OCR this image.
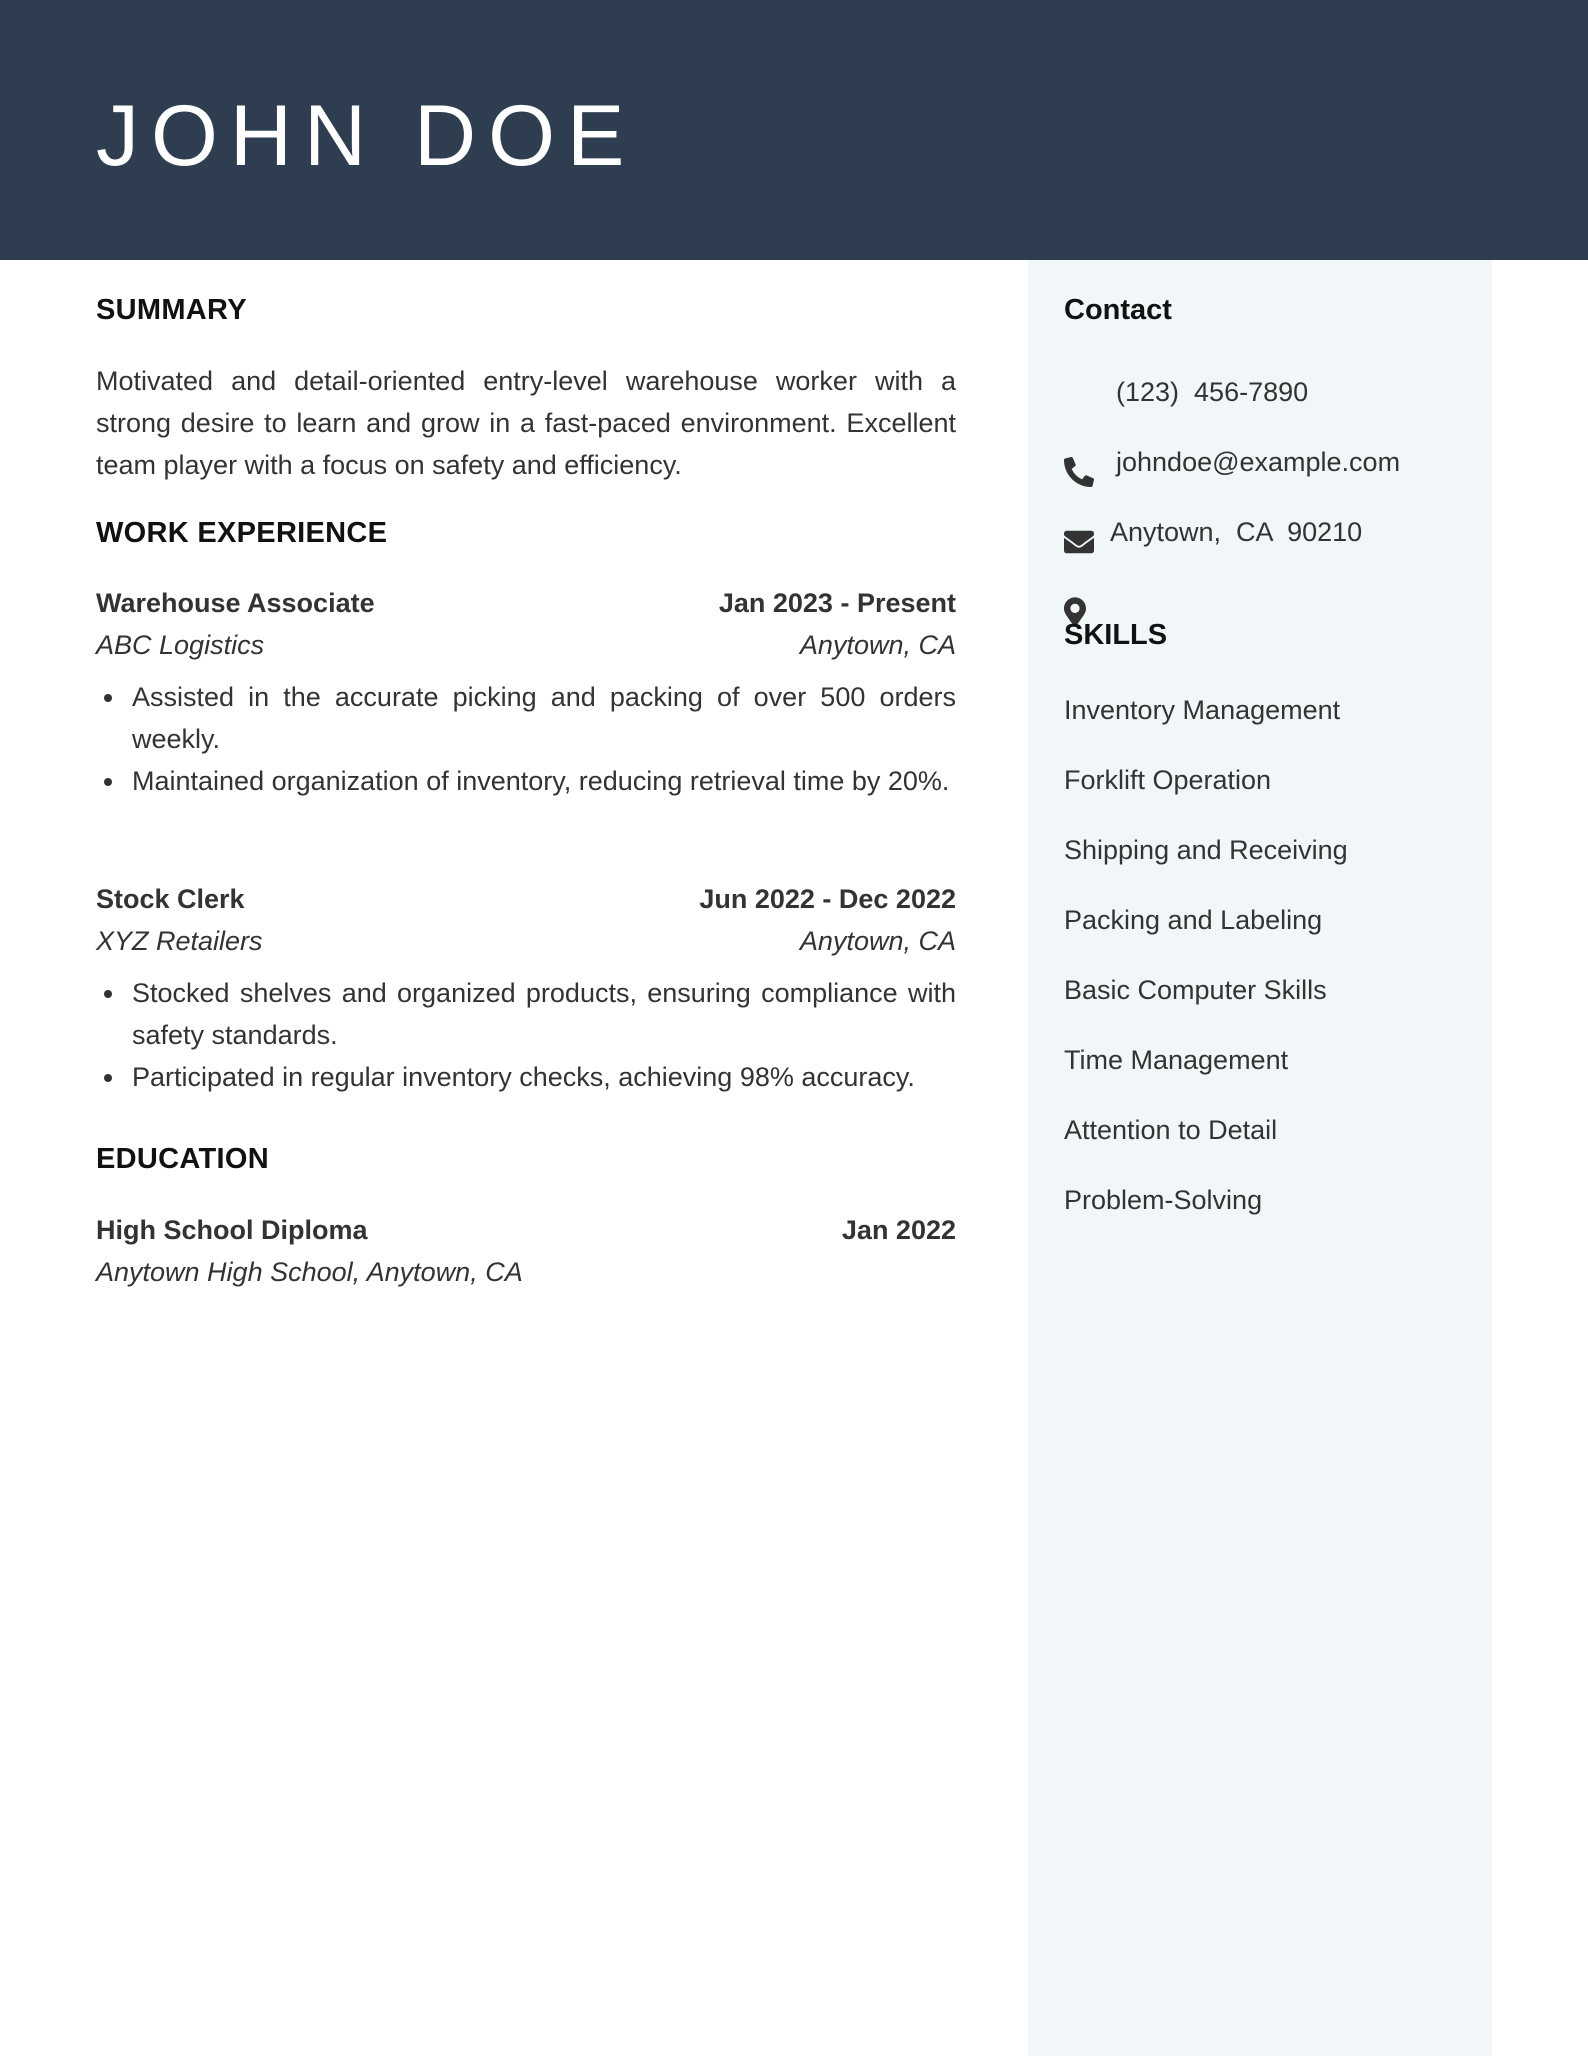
JOHN DOE
SUMMARY

Motivated and detail-oriented entry-level warehouse worker with a strong desire to learn and grow in a fast-paced environment. Excellent team player with a focus on safety and efficiency.

WORK EXPERIENCE
Warehouse Associate	Jan 2023 - Present
ABC Logistics	Anytown, CA
Assisted in the accurate picking and packing of over 500 orders weekly.
Maintained organization of inventory, reducing retrieval time by 20%.
Stock Clerk	Jun 2022 - Dec 2022
XYZ Retailers	Anytown, CA
Stocked shelves and organized products, ensuring compliance with safety standards.
Participated in regular inventory checks, achieving 98% accuracy.
EDUCATION
High School Diploma	Jan 2022
Anytown High School, Anytown, CA
Contact

(123)  456-7890

johndoe@example.com

Anytown,  CA  90210
SKILLS
Inventory Management
Forklift Operation
Shipping and Receiving
Packing and Labeling
Basic Computer Skills
Time Management
Attention to Detail
Problem-Solving
